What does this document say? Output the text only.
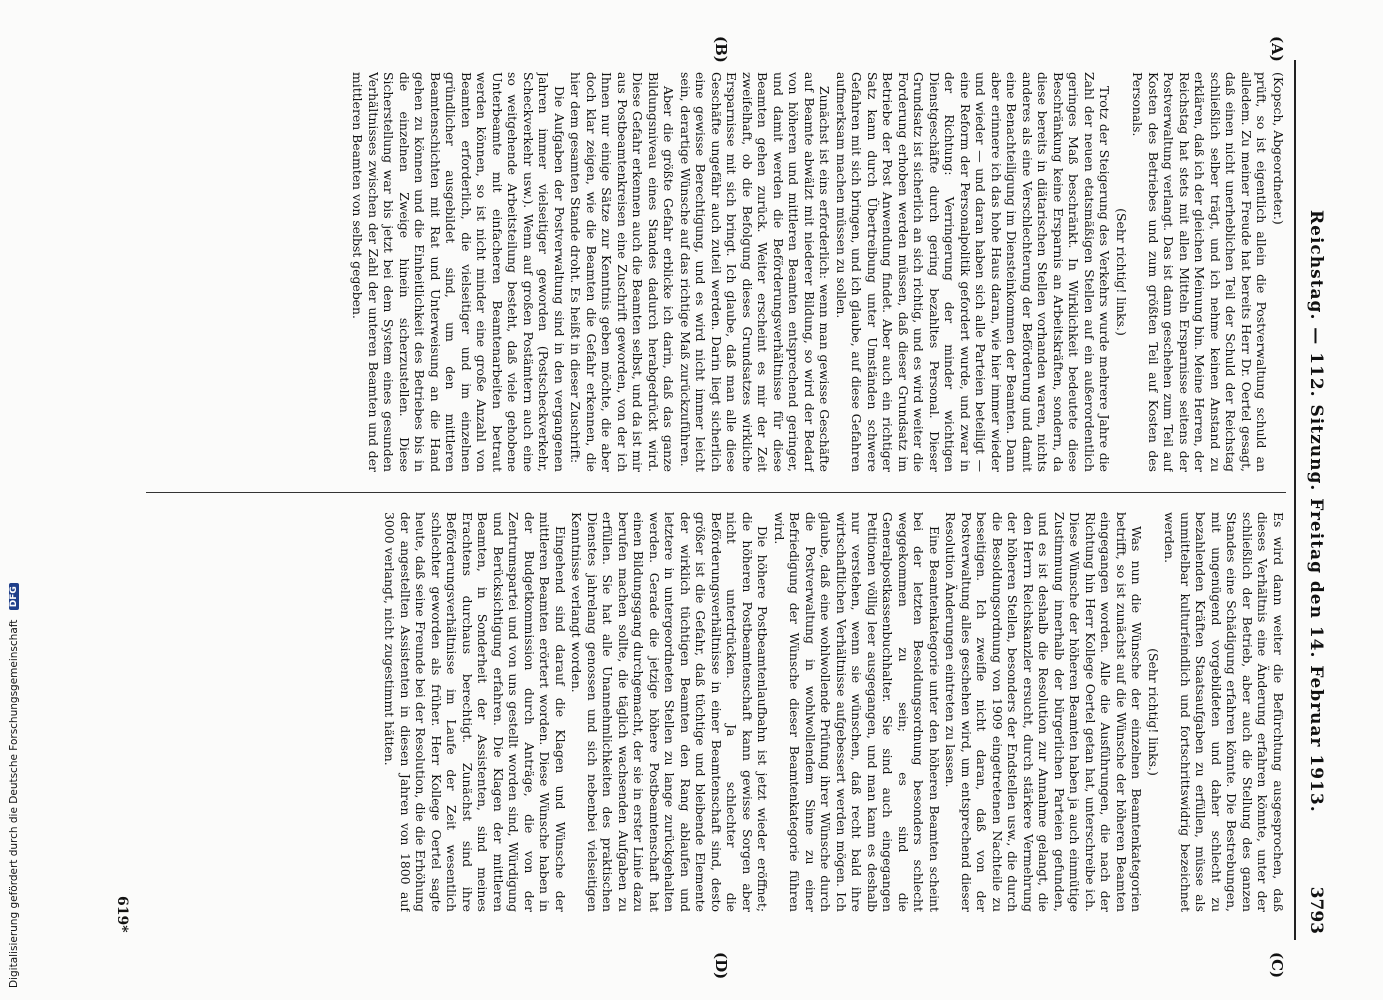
Reichstag. — 112. Sitzung. Freitag den 14. Februar 1913.
3793
(A)
(B)
(C)
(D)

(Kopsch, Abgeordneter.)

prüft, so ist eigentlich allein die Postverwaltung schuld an alledem. Zu meiner Freude hat bereits Herr Dr. Oertel gesagt, daß einen nicht unerheblichen Teil der Schuld der Reichstag schließlich selber trägt, und ich nehme keinen Anstand zu erklären, daß ich der gleichen Meinung bin. Meine Herren, der Reichstag hat stets mit allen Mitteln Ersparnisse seitens der Postverwaltung verlangt. Das ist dann geschehen zum Teil auf Kosten des Betriebes und zum größten Teil auf Kosten des Personals.

(Sehr richtig! links.)

Trotz der Steigerung des Verkehrs wurde mehrere Jahre die Zahl der neuen etatsmäßigen Stellen auf ein außerordentlich geringes Maß beschränkt. In Wirklichkeit bedeutete diese Beschränkung keine Ersparnis an Arbeitskräften, sondern, da diese bereits in diätarischen Stellen vorhanden waren, nichts anderes als eine Verschlechterung der Beförderung und damit eine Benachteiligung im Diensteinkommen der Beamten. Dann aber erinnere ich das hohe Haus daran, wie hier immer wieder und wieder — und daran haben sich alle Parteien beteiligt — eine Reform der Personalpolitik gefordert wurde, und zwar in der Richtung: Verringerung der minder wichtigen Dienstgeschäfte durch gering bezahltes Personal. Dieser Grundsatz ist sicherlich an sich richtig, und es wird weiter die Forderung erhoben werden müssen, daß dieser Grundsatz im Betriebe der Post Anwendung findet. Aber auch ein richtiger Satz kann durch Übertreibung unter Umständen schwere Gefahren mit sich bringen, und ich glaube, auf diese Gefahren aufmerksam machen müssen zu sollen.

Zunächst ist eins erforderlich: wenn man gewisse Geschäfte auf Beamte abwälzt mit niederer Bildung, so wird der Bedarf von höheren und mittleren Beamten entsprechend geringer, und damit werden die Beförderungsverhältnisse für diese Beamten gehen zurück. Weiter erscheint es mir der Zeit zweifelhaft, ob die Befolgung dieses Grundsatzes wirkliche Ersparnisse mit sich bringt. Ich glaube, daß man alle diese Geschäfte ungefähr auch zuteil werden. Darin liegt sicherlich eine gewisse Berechtigung, und es wird nicht immer leicht sein, derartige Wünsche auf das richtige Maß zurückzuführen.

Aber die größte Gefahr erblicke ich darin, daß das ganze Bildungsniveau eines Standes dadurch herabgedrückt wird. Diese Gefahr erkennen auch die Beamten selbst, und da ist mir aus Postbeamtenkreisen eine Zuschrift geworden, von der ich Ihnen nur einige Sätze zur Kenntnis geben möchte, die aber doch klar zeigen, wie die Beamten die Gefahr erkennen, die hier dem gesamten Stande droht. Es heißt in dieser Zuschrift:

Die Aufgaben der Postverwaltung sind in den vergangenen Jahren immer vielseitiger geworden (Postscheckverkehr, Scheckverkehr usw.). Wenn auf großen Postämtern auch eine so weitgehende Arbeitsteilung besteht, daß viele gehobene Unterbeamte mit einfacheren Beamtenarbeiten betraut werden können, so ist nicht minder eine große Anzahl von Beamten erforderlich, die vielseitiger und im einzelnen gründlicher ausgebildet sind, um den mittleren Beamtenschichten mit Rat und Unterweisung an die Hand gehen zu können und die Einheitlichkeit des Betriebes bis in die einzelnen Zweige hinein sicherzustellen. Diese Sicherstellung war bis jetzt bei dem System eines gesunden Verhältnisses zwischen der Zahl der unteren Beamten und der mittleren Beamten von selbst gegeben.

Es wird dann weiter die Befürchtung ausgesprochen, daß dieses Verhältnis eine Änderung erfahren könnte, unter der schließlich der Betrieb, aber auch die Stellung des ganzen Standes eine Schädigung erfahren könnte. Die Bestrebungen, mit ungenügend vorgebildeten und daher schlecht zu bezahlenden Kräften Staatsaufgaben zu erfüllen, müsse als unmittelbar kulturfeindlich und fortschrittswidrig bezeichnet werden.

(Sehr richtig! links.)

Was nun die Wünsche der einzelnen Beamtenkategorien betrifft, so ist zunächst auf die Wünsche der höheren Beamten eingegangen worden. Alle die Ausführungen, die nach der Richtung hin Herr Kollege Oertel getan hat, unterschreibe ich. Diese Wünsche der höheren Beamten haben ja auch einmütige Zustimmung innerhalb der bürgerlichen Parteien gefunden, und es ist deshalb die Resolution zur Annahme gelangt, die den Herrn Reichskanzler ersucht, durch stärkere Vermehrung der höheren Stellen, besonders der Endstellen usw., die durch die Besoldungsordnung von 1909 eingetretenen Nachteile zu beseitigen. Ich zweifle nicht daran, daß von der Postverwaltung alles geschehen wird, um entsprechend dieser Resolution Änderungen eintreten zu lassen.

Eine Beamtenkategorie unter den höheren Beamten scheint bei der letzten Besoldungsordnung besonders schlecht weggekommen zu sein; es sind die Generalpostkassenbuchhalter. Sie sind auch eingegangen Petitionen völlig leer ausgegangen, und man kann es deshalb nur verstehen, wenn sie wünschen, daß recht bald ihre wirtschaftlichen Verhältnisse aufgebessert werden mögen. Ich glaube, daß eine wohlwollende Prüfung ihrer Wünsche durch die Postverwaltung in wohlwollendem Sinne zu einer Befriedigung der Wünsche dieser Beamtenkategorie führen wird.

Die höhere Postbeamtenlaufbahn ist jetzt wieder eröffnet; die höheren Postbeamtenschaft kann gewisse Sorgen aber nicht unterdrücken. Ja schlechter die Beförderungsverhältnisse in einer Beamtenschaft sind, desto größer ist die Gefahr, daß tüchtige und bleibende Elemente der wirklich tüchtigen Beamten den Rang ablaufen und letztere in untergeordneten Stellen zu lange zurückgehalten werden. Gerade die jetzige höhere Postbeamtenschaft hat einen Bildungsgang durchgemacht, der sie in erster Linie dazu berufen machen sollte, die täglich wachsenden Aufgaben zu erfüllen. Sie hat alle Unannehmlichkeiten des praktischen Dienstes jahrelang genossen und sich nebenbei vielseitigen Kenntnisse verlangt worden.

Eingehend sind darauf die Klagen und Wünsche der mittleren Beamten erörtert worden. Diese Wünsche haben in der Budgetkommission durch Anträge, die von der Zentrumspartei und von uns gestellt worden sind, Würdigung und Berücksichtigung erfahren. Die Klagen der mittleren Beamten, in Sonderheit der Assistenten, sind meines Erachtens durchaus berechtigt. Zunächst sind ihre Beförderungsverhältnisse im Laufe der Zeit wesentlich schlechter geworden als früher. Herr Kollege Oertel sagte heute, daß seine Freunde bei der Resolution, die die Erhöhung der angestellten Assistenten in diesen Jahren von 1800 auf 3000 verlangt, nicht zugestimmt hätten.

619*
Digitalisierung gefördert durch die Deutsche Forschungsgemeinschaft DFG
